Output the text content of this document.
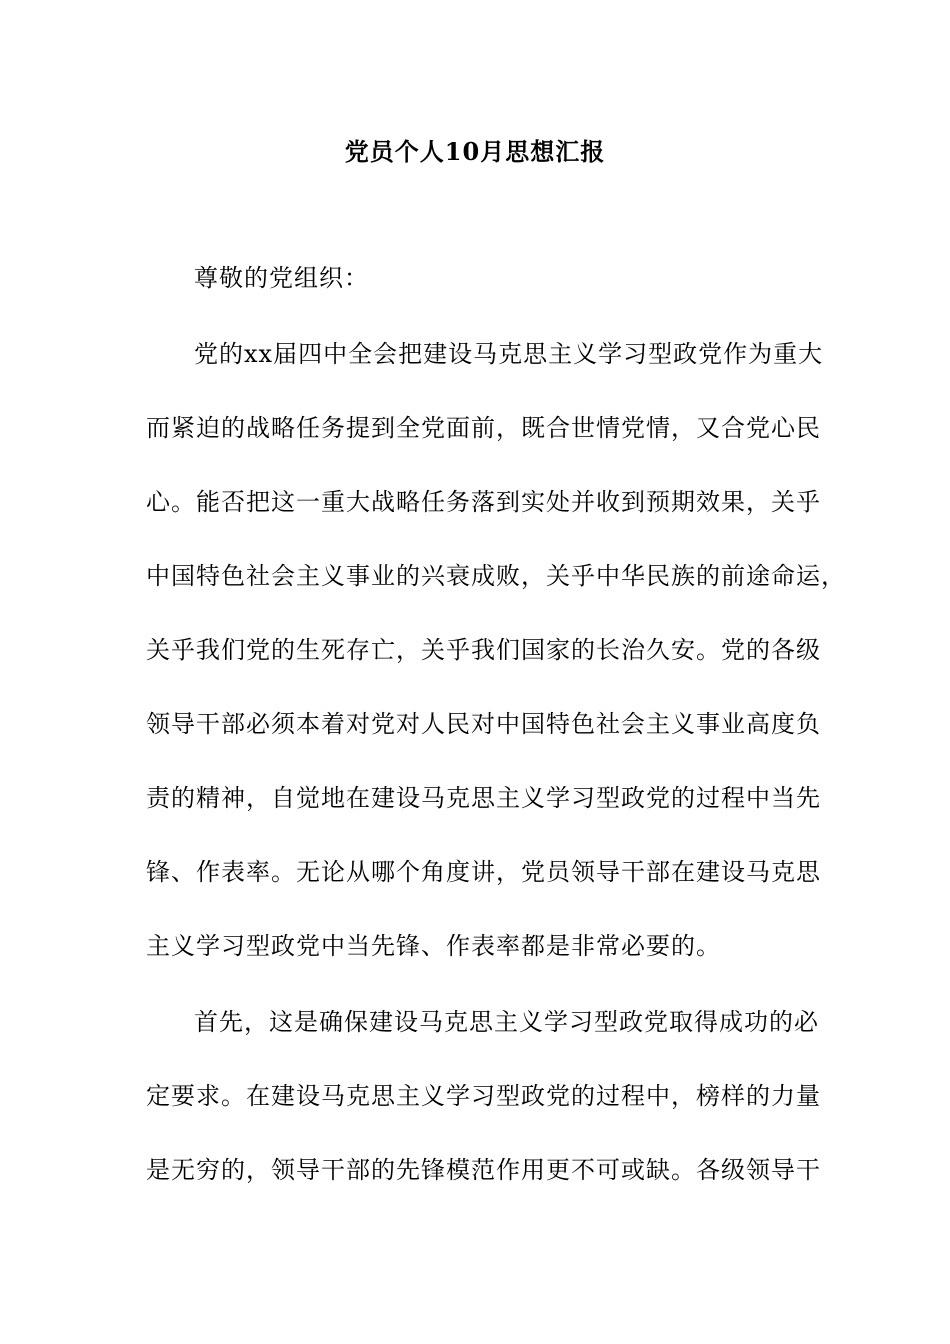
党员个人10月思想汇报
尊敬的党组织：
党的xx届四中全会把建设马克思主义学习型政党作为重大
而紧迫的战略任务提到全党面前，既合世情党情，又合党心民
心。能否把这一重大战略任务落到实处并收到预期效果，关乎
中国特色社会主义事业的兴衰成败，关乎中华民族的前途命运，
关乎我们党的生死存亡，关乎我们国家的长治久安。党的各级
领导干部必须本着对党对人民对中国特色社会主义事业高度负
责的精神，自觉地在建设马克思主义学习型政党的过程中当先
锋、作表率。无论从哪个角度讲，党员领导干部在建设马克思
主义学习型政党中当先锋、作表率都是非常必要的。
首先，这是确保建设马克思主义学习型政党取得成功的必
定要求。在建设马克思主义学习型政党的过程中，榜样的力量
是无穷的，领导干部的先锋模范作用更不可或缺。各级领导干
